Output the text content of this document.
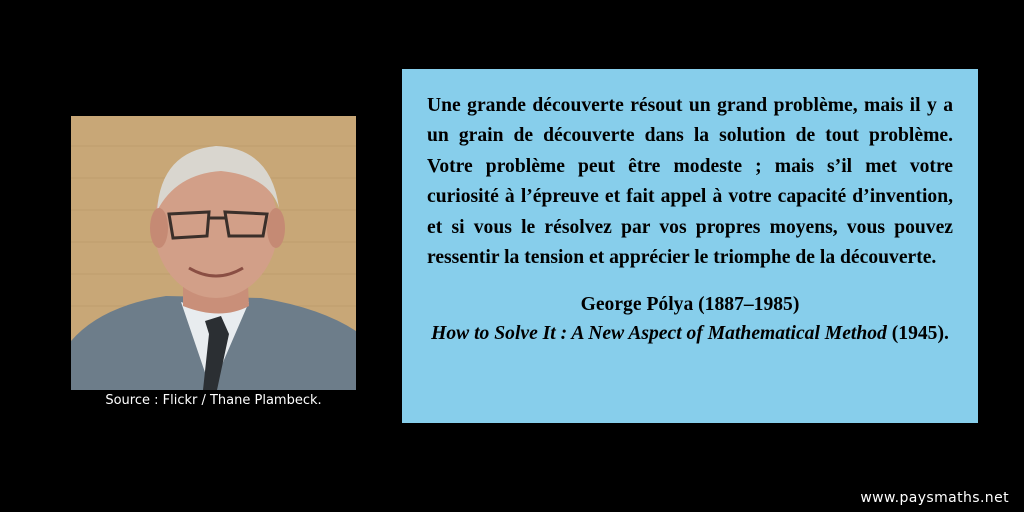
Source : Flickr / Thane Plambeck.

Une grande découverte résout un grand problème, mais il y a un grain de découverte dans la solution de tout problème. Votre problème peut être modeste ; mais s’il met votre curiosité à l’épreuve et fait appel à votre capacité d’invention, et si vous le résolvez par vos propres moyens, vous pouvez ressentir la tension et apprécier le triomphe de la découverte.

George Pólya (1887–1985)
How to Solve It : A New Aspect of Mathematical Method (1945).
www.paysmaths.net
